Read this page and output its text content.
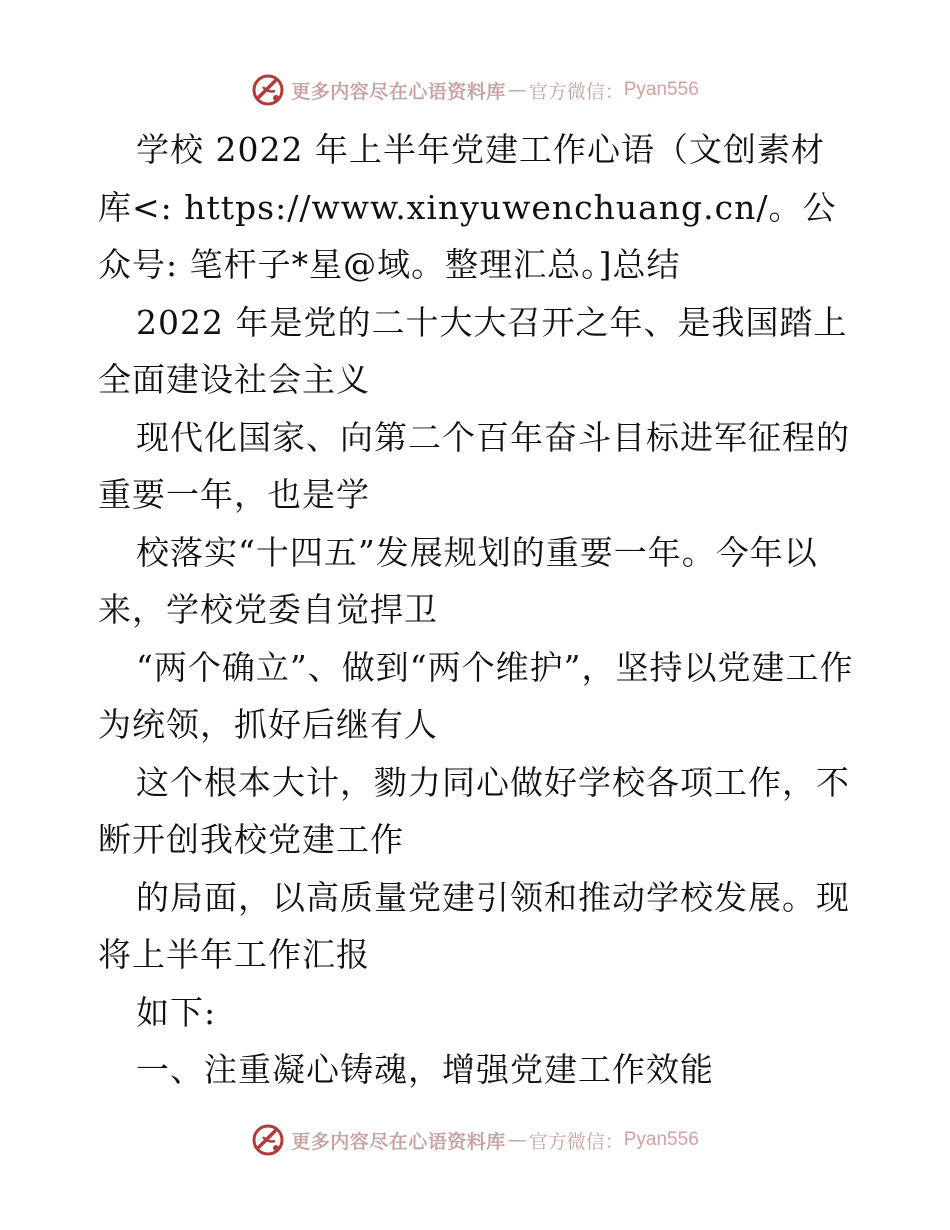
更多内容尽在心语资料库 — 官方微信： Pyan556

学校 2022 年上半年党建工作心语（文创素材库<: https://www.xinyuwenchuang.cn/。公众号: 笔杆子*星@域。整理汇总。]总结

2022 年是党的二十大大召开之年、是我国踏上全面建设社会主义

现代化国家、向第二个百年奋斗目标进军征程的重要一年，也是学

校落实“十四五”发展规划的重要一年。今年以来，学校党委自觉捍卫

“两个确立”、做到“两个维护”，坚持以党建工作为统领，抓好后继有人

这个根本大计，勠力同心做好学校各项工作，不断开创我校党建工作

的局面，以高质量党建引领和推动学校发展。现将上半年工作汇报

如下:

一、注重凝心铸魂，增强党建工作效能

更多内容尽在心语资料库 — 官方微信： Pyan556
